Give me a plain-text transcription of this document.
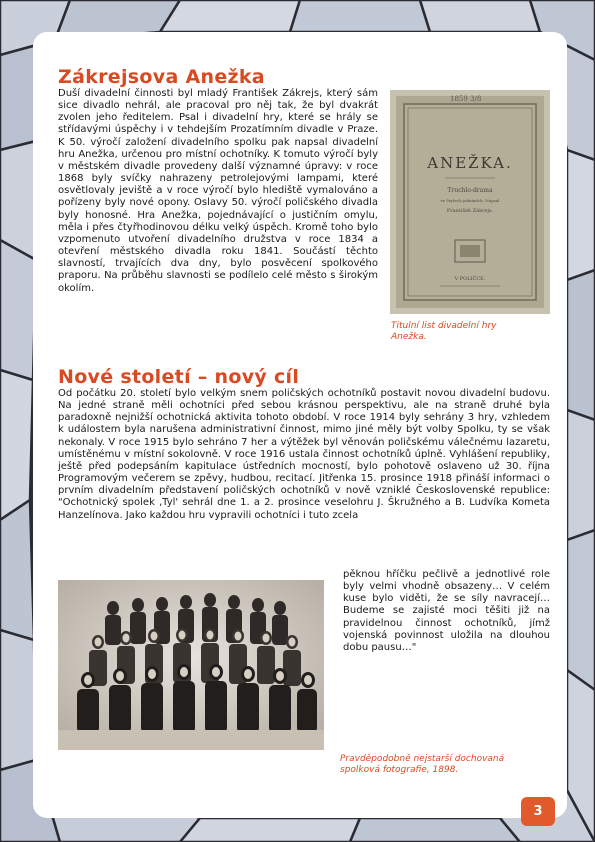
Zákrejsova Anežka

Duší divadelní činnosti byl mladý František Zákrejs, který sám sice divadlo nehrál, ale pracoval pro něj tak, že byl dvakrát zvolen jeho ředitelem. Psal i divadelní hry, které se hrály se střídavými úspěchy i v tehdejším Prozatímním divadle v Praze. K 50. výročí založení divadelního spolku pak napsal divadelní hru Anežka, určenou pro místní ochotníky. K tomuto výročí byly v městském divadle provedeny další významné úpravy: v roce 1868 byly svíčky nahrazeny petrolejovými lampami, které osvětlovaly jeviště a v roce výročí bylo hlediště vymalováno a pořízeny byly nové opony. Oslavy 50. výročí poličského divadla byly honosné. Hra Anežka, pojednávající o justičním omylu, měla i přes čtyřhodinovou délku velký úspěch. Kromě toho bylo vzpomenuto utvoření divadelního družstva v roce 1834 a otevření městského divadla roku 1841. Součástí těchto slavností, trvajících dva dny, bylo posvěcení spolkového praporu. Na průběhu slavnosti se podílelo celé město s širokým okolím.

1859 3/8
ANEŽKA.
Truchlo-drama
ve čtyřech jednáních. Napsal
František Zákrejs.
V POLIČCE.

Titulní list divadelní hry Anežka.

Nové století – nový cíl

Od počátku 20. století bylo velkým snem poličských ochotníků postavit novou divadelní budovu. Na jedné straně měli ochotníci před sebou krásnou perspektivu, ale na straně druhé byla paradoxně nejnižší ochotnická aktivita tohoto období. V roce 1914 byly sehrány 3 hry, vzhledem k událostem byla narušena administrativní činnost, mimo jiné měly být volby Spolku, ty se však nekonaly. V roce 1915 bylo sehráno 7 her a výtěžek byl věnován poličskému válečnému lazaretu, umístěnému v místní sokolovně. V roce 1916 ustala činnost ochotníků úplně. Vyhlášení republiky, ještě před podepsáním kapitulace ústředních mocností, bylo pohotově oslaveno už 30. října Programovým večerem se zpěvy, hudbou, recitací. Jitřenka 15. prosince 1918 přináší informaci o prvním divadelním představení poličských ochotníků v nově vzniklé Československé republice: "Ochotnický spolek ‚Tyl' sehrál dne 1. a 2. prosince veselohru J. Škružného a B. Ludvíka Kometa Hanzelínova. Jako každou hru vypravili ochotníci i tuto zcela

pěknou hříčku pečlivě a jednotlivé role byly velmi vhodně obsazeny… V celém kuse bylo viděti, že se síly navracejí… Budeme se zajisté moci těšiti již na pravidelnou činnost ochotníků, jímž vojenská povinnost uložila na dlouhou dobu pausu…"

Pravděpodobně nejstarší dochovaná spolková fotografie, 1898.

3
